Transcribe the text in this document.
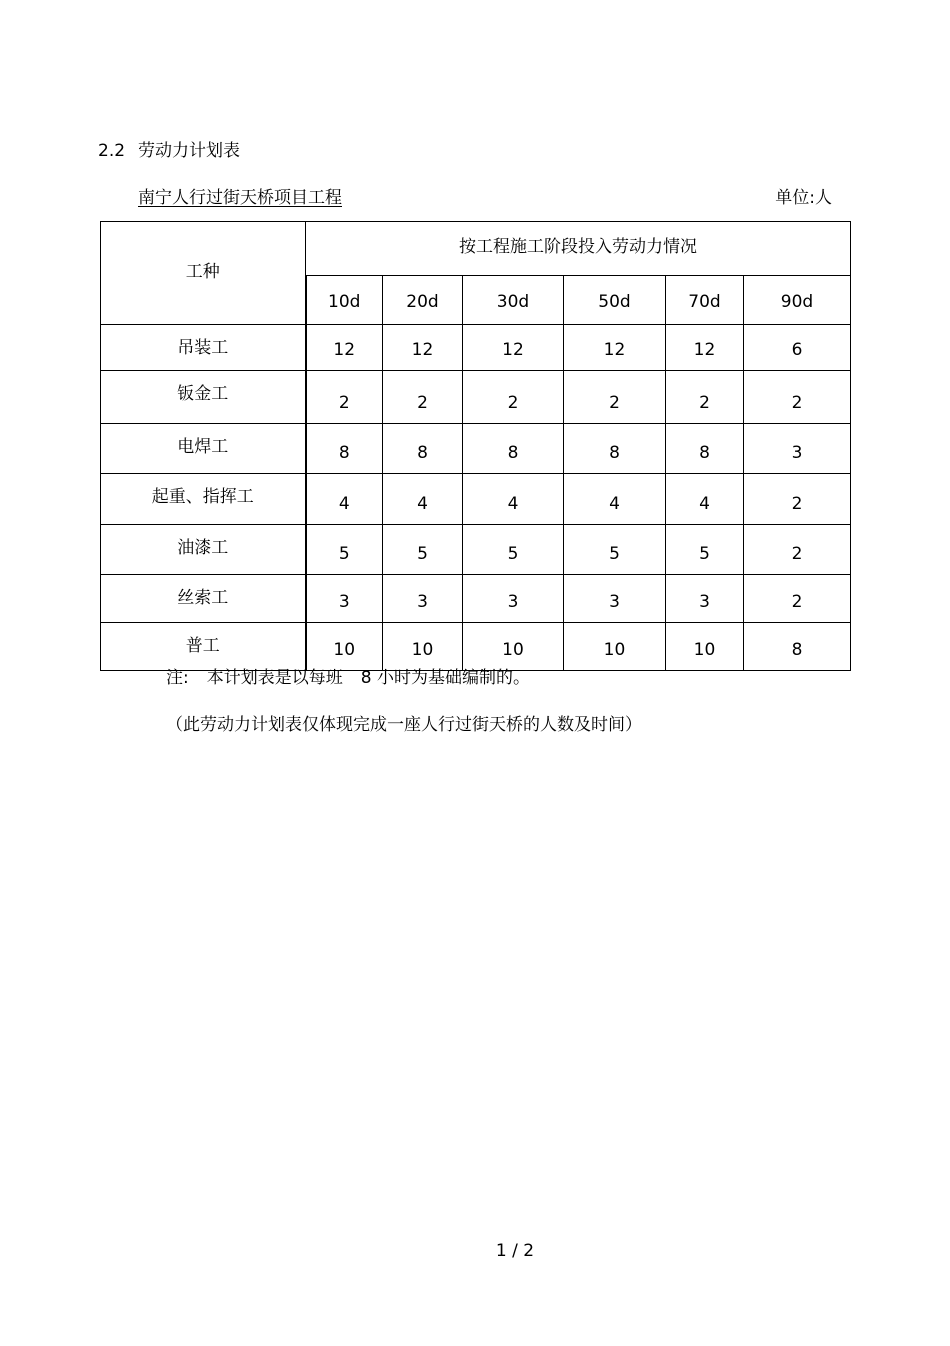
2.2 劳动力计划表
南宁人行过街天桥项目工程	单位:人
工种	按工程施工阶段投入劳动力情况					
	10d	20d	30d	50d	70d	90d
吊装工	12	12	12	12	12	6
钣金工	2	2	2	2	2	2
电焊工	8	8	8	8	8	3
起重、指挥工	4	4	4	4	4	2
油漆工	5	5	5	5	5	2
丝索工	3	3	3	3	3	2
普工	10	10	10	10	10	8
注: 本计划表是以每班 8 小时为基础编制的。
（此劳动力计划表仅体现完成一座人行过街天桥的人数及时间）
1 / 2
